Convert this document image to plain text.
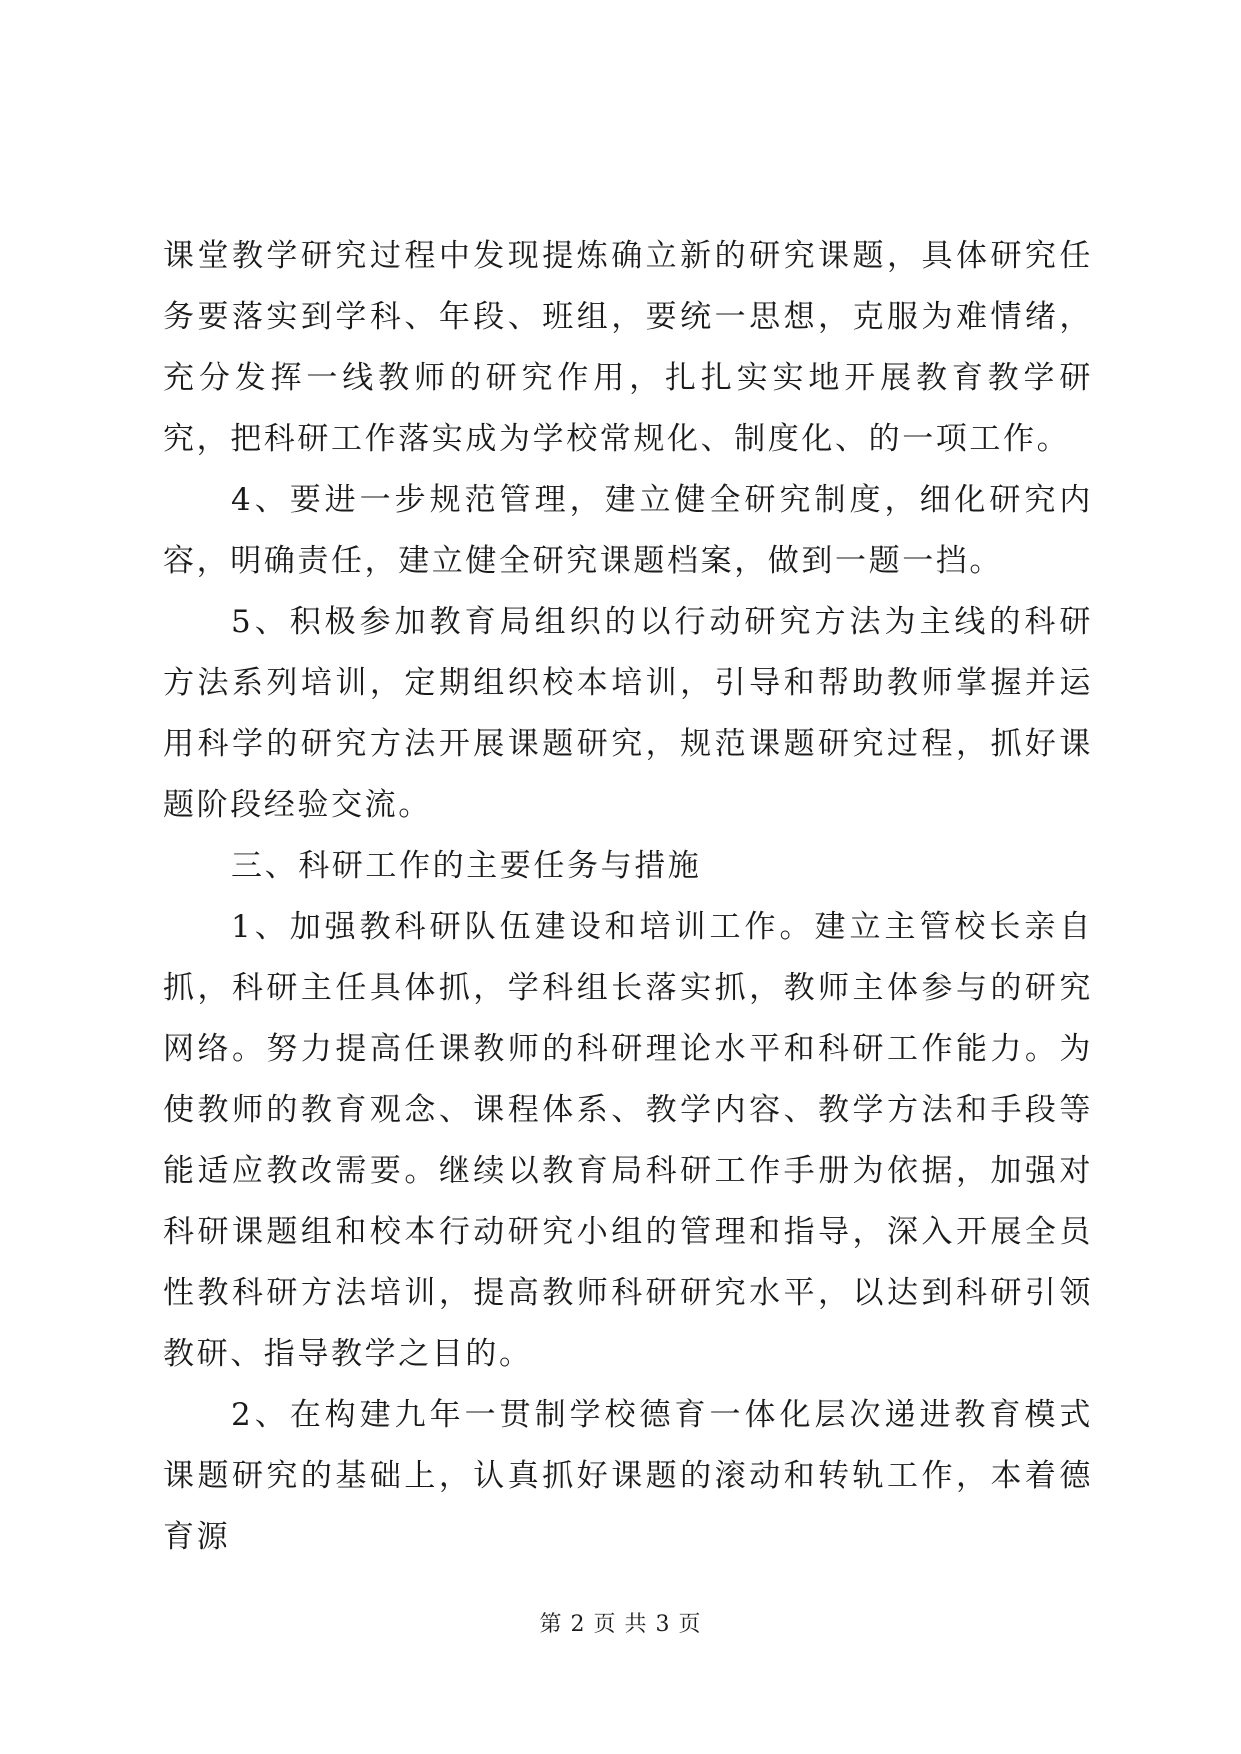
课堂教学研究过程中发现提炼确立新的研究课题，具体研究任务要落实到学科、年段、班组，要统一思想，克服为难情绪，充分发挥一线教师的研究作用，扎扎实实地开展教育教学研究，把科研工作落实成为学校常规化、制度化、的一项工作。

4、要进一步规范管理，建立健全研究制度，细化研究内容，明确责任，建立健全研究课题档案，做到一题一挡。

5、积极参加教育局组织的以行动研究方法为主线的科研方法系列培训，定期组织校本培训，引导和帮助教师掌握并运用科学的研究方法开展课题研究，规范课题研究过程，抓好课题阶段经验交流。

三、科研工作的主要任务与措施

1、加强教科研队伍建设和培训工作。建立主管校长亲自抓，科研主任具体抓，学科组长落实抓，教师主体参与的研究网络。努力提高任课教师的科研理论水平和科研工作能力。为使教师的教育观念、课程体系、教学内容、教学方法和手段等能适应教改需要。继续以教育局科研工作手册为依据，加强对科研课题组和校本行动研究小组的管理和指导，深入开展全员性教科研方法培训，提高教师科研研究水平，以达到科研引领教研、指导教学之目的。

2、在构建九年一贯制学校德育一体化层次递进教育模式课题研究的基础上，认真抓好课题的滚动和转轨工作，本着德育源

第 2 页 共 3 页
